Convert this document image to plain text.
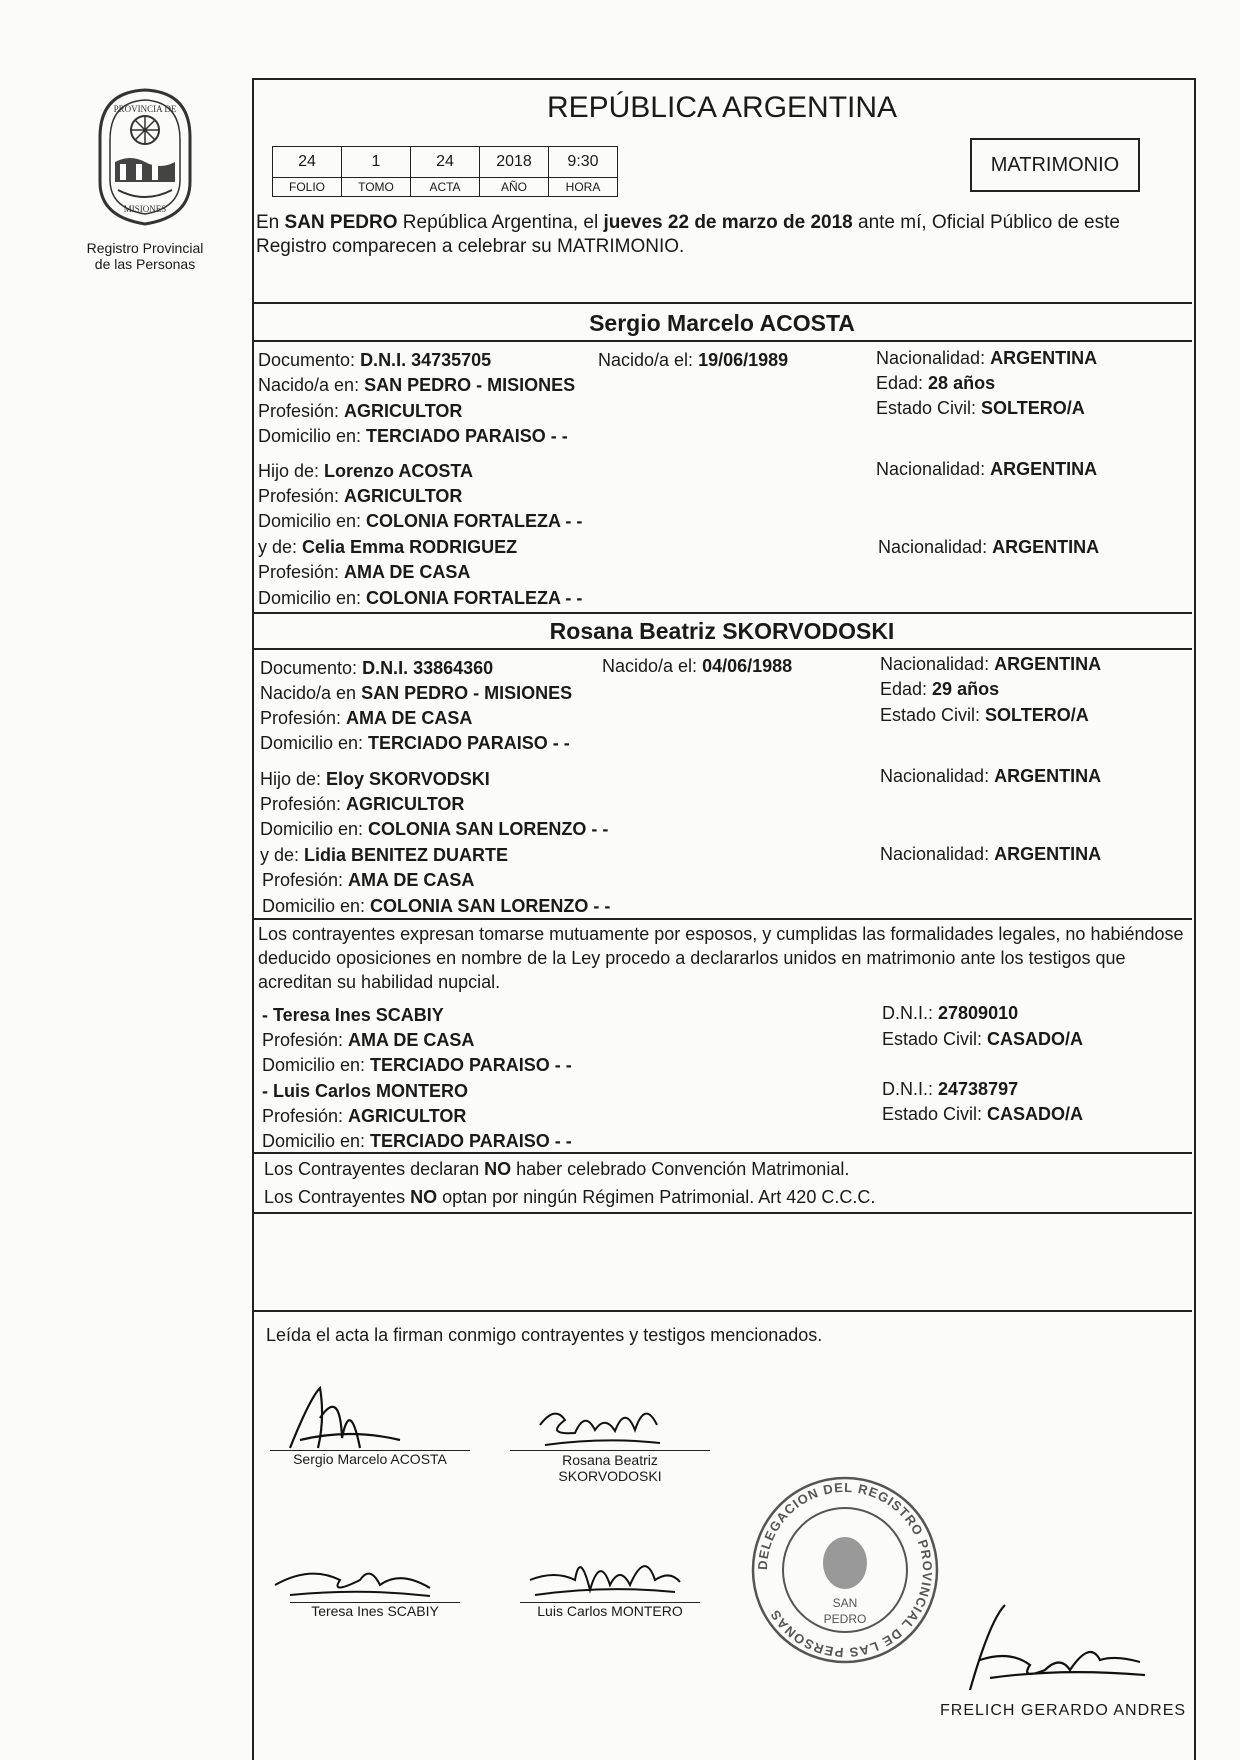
PROVINCIA DE
MISIONES
Registro Provincial
de las Personas
REPÚBLICA ARGENTINA
24	1	24	2018	9:30
FOLIO	TOMO	ACTA	AÑO	HORA
MATRIMONIO
En SAN PEDRO República Argentina, el jueves 22 de marzo de 2018 ante mí, Oficial Público de este Registro comparecen a celebrar su MATRIMONIO.
Sergio Marcelo ACOSTA
Documento: D.N.I. 34735705	Nacido/a el: 19/06/1989	Nacionalidad: ARGENTINA
Nacido/a en: SAN PEDRO - MISIONES	Edad: 28 años
Profesión: AGRICULTOR	Estado Civil: SOLTERO/A
Domicilio en: TERCIADO PARAISO - -
Hijo de: Lorenzo ACOSTA	Nacionalidad: ARGENTINA
Profesión: AGRICULTOR
Domicilio en: COLONIA FORTALEZA - -
y de: Celia Emma RODRIGUEZ	Nacionalidad: ARGENTINA
Profesión: AMA DE CASA
Domicilio en: COLONIA FORTALEZA - -
Rosana Beatriz SKORVODOSKI
Documento: D.N.I. 33864360	Nacido/a el: 04/06/1988	Nacionalidad: ARGENTINA
Nacido/a en SAN PEDRO - MISIONES	Edad: 29 años
Profesión: AMA DE CASA	Estado Civil: SOLTERO/A
Domicilio en: TERCIADO PARAISO - -
Hijo de: Eloy SKORVODSKI	Nacionalidad: ARGENTINA
Profesión: AGRICULTOR
Domicilio en: COLONIA SAN LORENZO - -
y de: Lidia BENITEZ DUARTE	Nacionalidad: ARGENTINA
Profesión: AMA DE CASA
Domicilio en: COLONIA SAN LORENZO - -
Los contrayentes expresan tomarse mutuamente por esposos, y cumplidas las formalidades legales, no habiéndose deducido oposiciones en nombre de la Ley procedo a declararlos unidos en matrimonio ante los testigos que acreditan su habilidad nupcial.
- Teresa Ines SCABIY	D.N.I.: 27809010
Profesión: AMA DE CASA	Estado Civil: CASADO/A
Domicilio en: TERCIADO PARAISO - -
- Luis Carlos MONTERO	D.N.I.: 24738797
Profesión: AGRICULTOR	Estado Civil: CASADO/A
Domicilio en: TERCIADO PARAISO - -
Los Contrayentes declaran NO haber celebrado Convención Matrimonial.
Los Contrayentes NO optan por ningún Régimen Patrimonial. Art 420 C.C.C.
Leída el acta la firman conmigo contrayentes y testigos mencionados.
Sergio Marcelo ACOSTA	Rosana Beatriz
SKORVODOSKI
Teresa Ines SCABIY	Luis Carlos MONTERO
DELEGACION DEL REGISTRO PROVINCIAL DE LAS PERSONAS
SAN
PEDRO
FRELICH GERARDO ANDRES
